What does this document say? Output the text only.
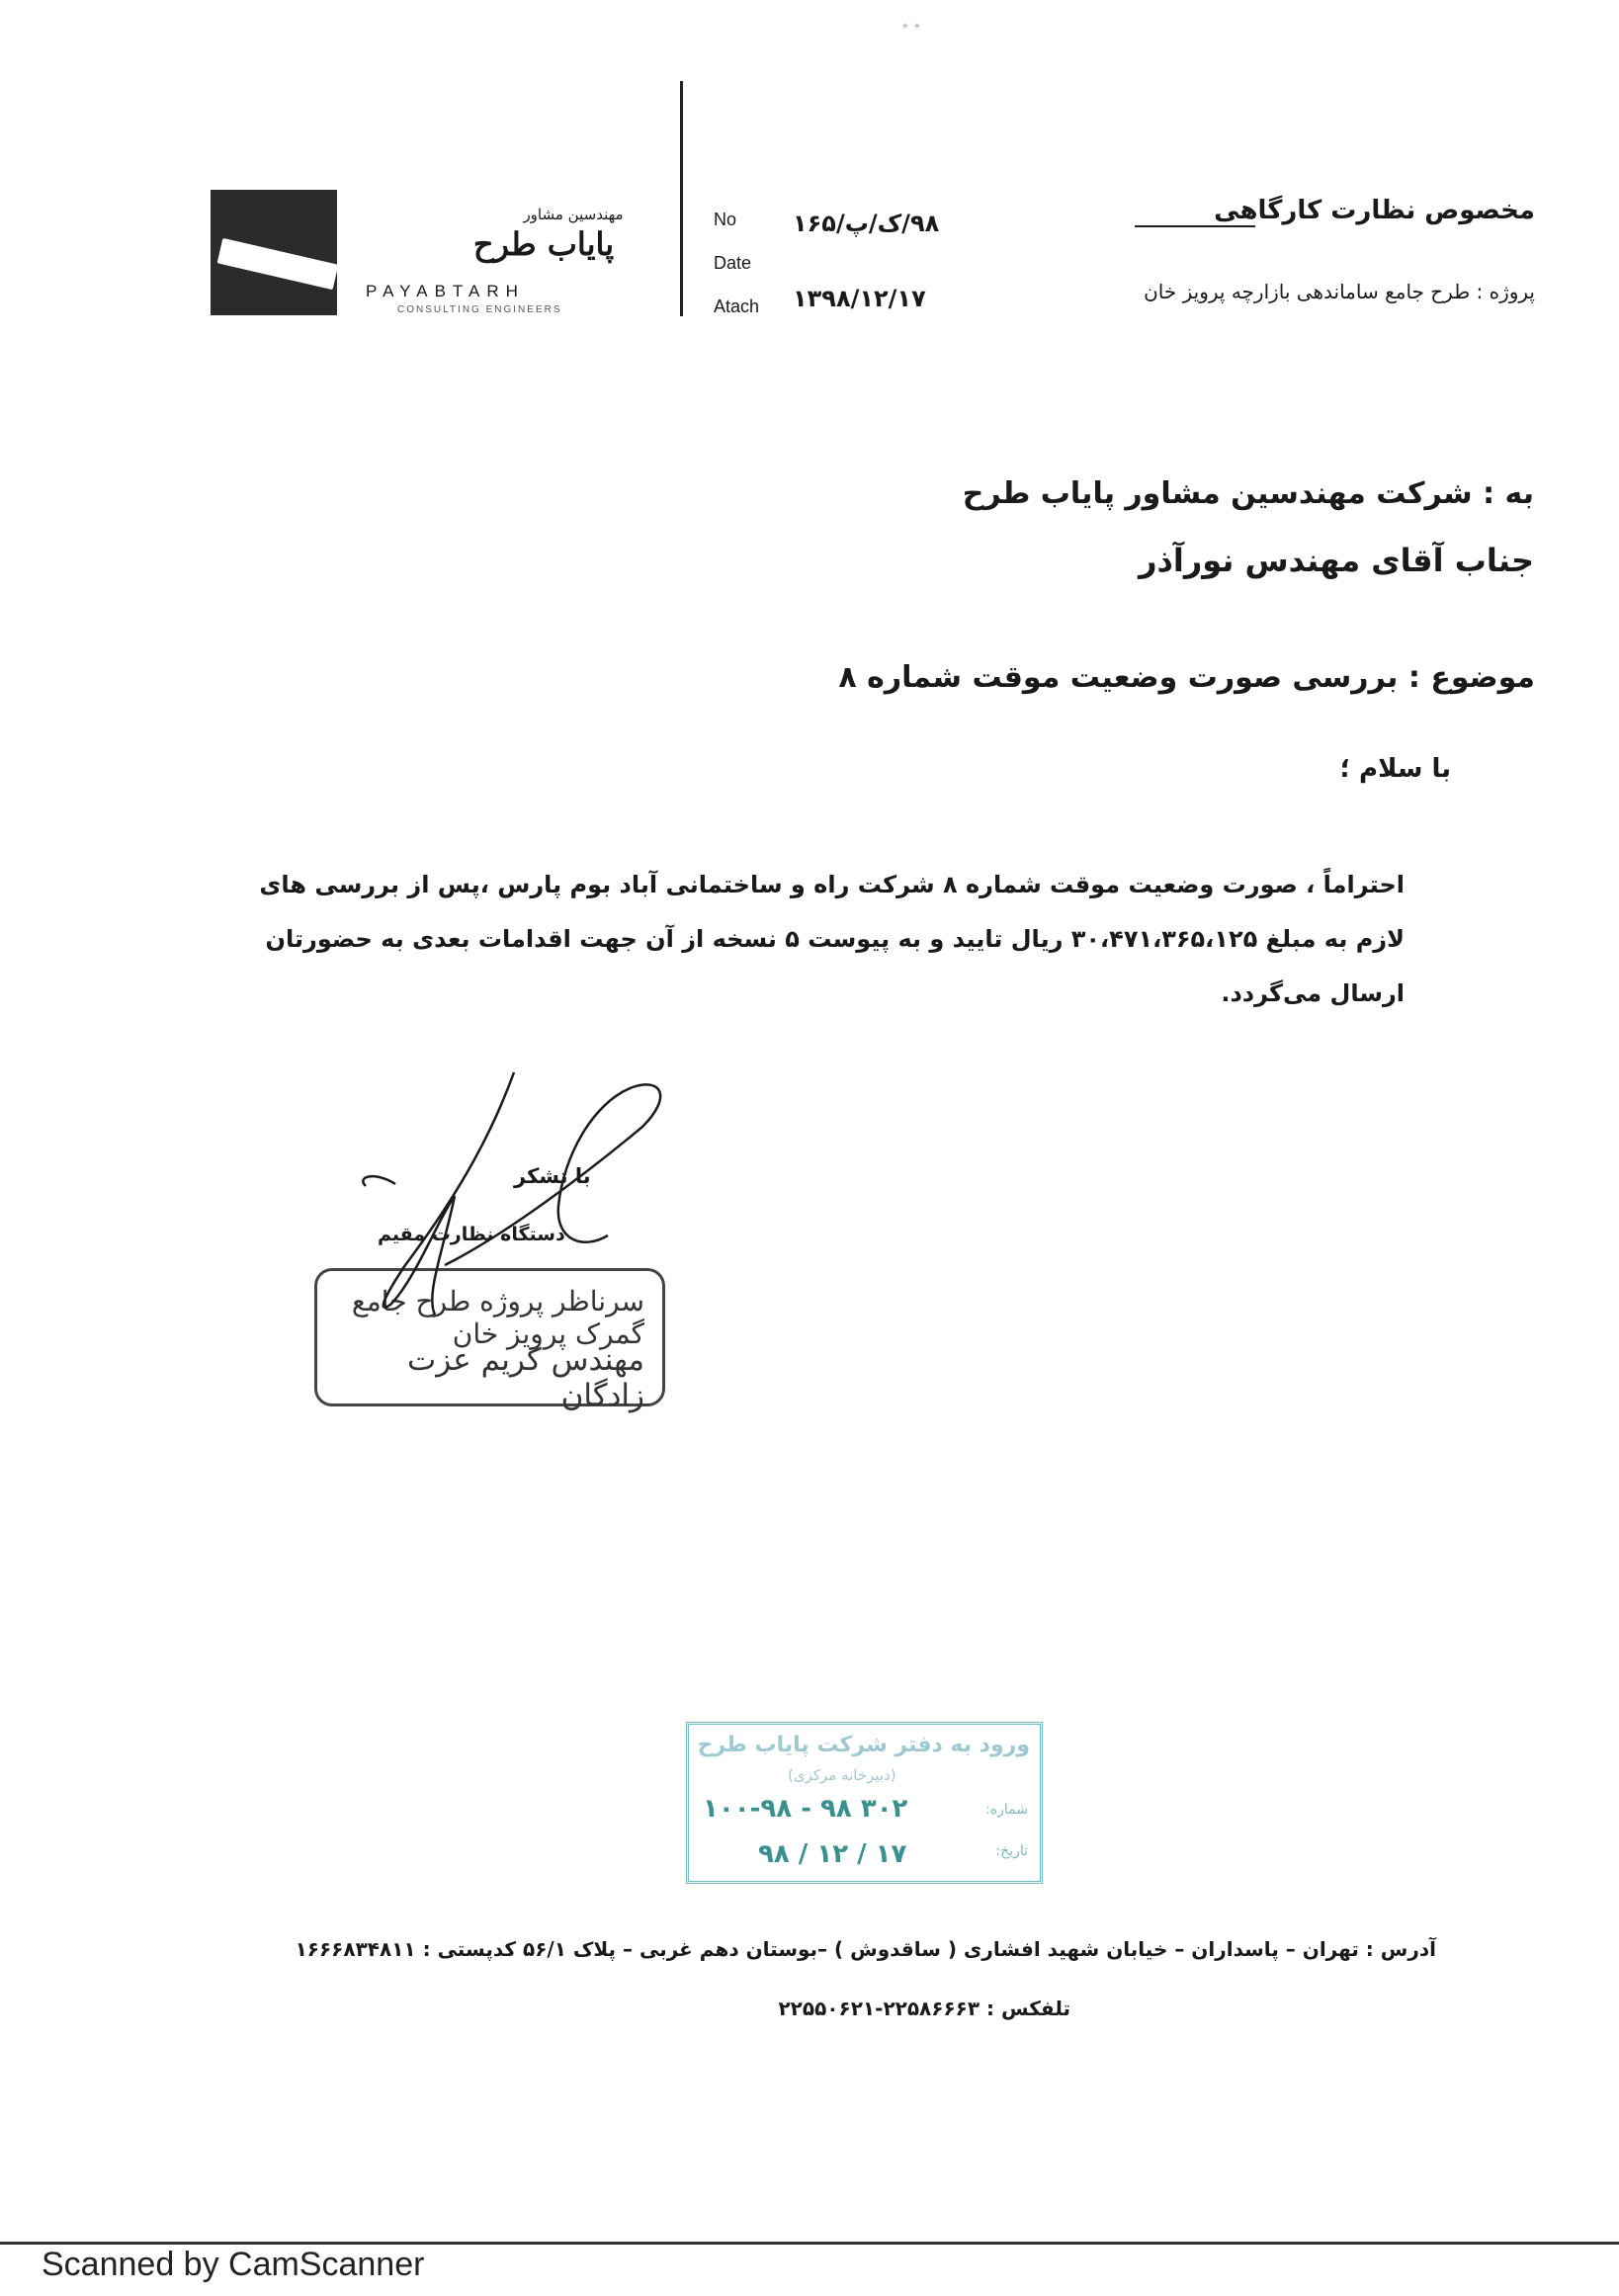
٭ ٭
مهندسین مشاور
پایاب طرح
PAYABTARH
CONSULTING ENGINEERS
No
Date
Atach
۹۸/ک/پ/۱۶۵
۱۳۹۸/۱۲/۱۷
مخصوص نظارت کارگاهی
پروژه : طرح جامع ساماندهی بازارچه پرویز خان
به : شرکت مهندسین مشاور پایاب طرح
جناب آقای مهندس نورآذر
موضوع : بررسی صورت وضعیت موقت شماره ۸
با سلام ؛
احتراماً ، صورت وضعیت موقت شماره ۸ شرکت راه و ساختمانی آباد بوم پارس ،پس از بررسی های لازم به مبلغ ۳۰،۴۷۱،۳۶۵،۱۲۵ ریال تایید و به پیوست ۵ نسخه از آن جهت اقدامات بعدی به حضورتان ارسال می‌گردد.
با تشکر
دستگاه نظارت مقیم
سرناظر پروژه طرح جامع گمرک پرویز خان
مهندس کریم عزت زادگان
ورود به دفتر شرکت پایاب طرح
(دبیرخانه مرکزی)
شماره:
تاریخ:
۱۰۰-۹۸ - ۹۸ ۳۰۲
۹۸ / ۱۲ / ۱۷
آدرس : تهران – پاسداران – خیابان شهید افشاری ( ساقدوش ) –بوستان دهم غربی – پلاک ۵۶/۱ کدپستی : ۱۶۶۶۸۳۴۸۱۱
تلفکس : ۲۲۵۸۶۶۶۳-۲۲۵۵۰۶۲۱
Scanned by CamScanner
